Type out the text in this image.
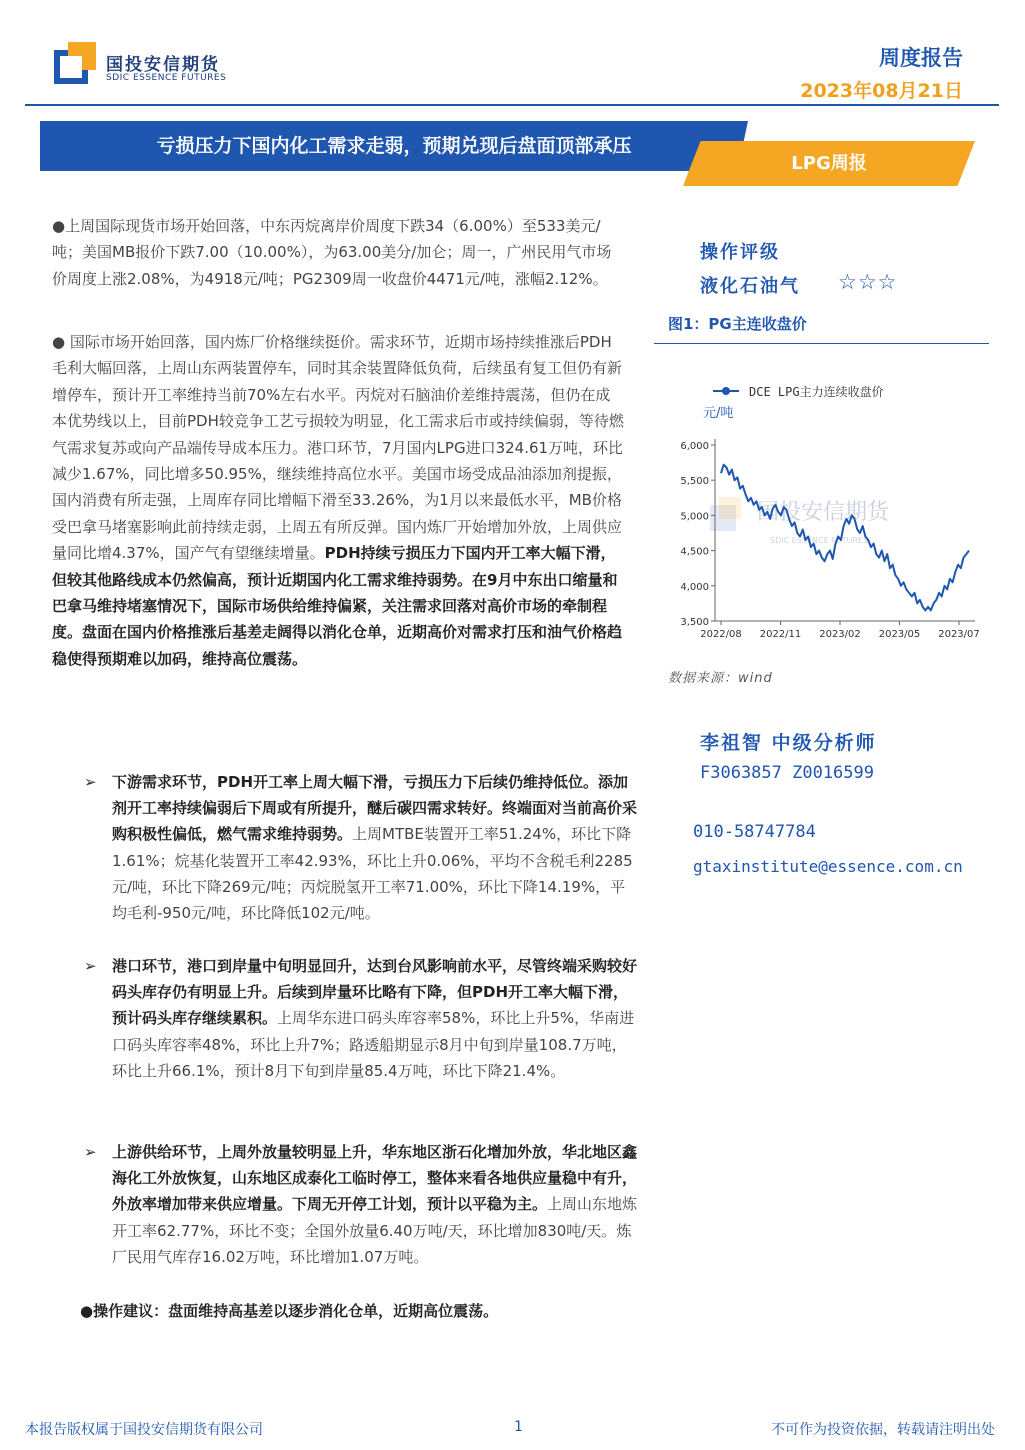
国投安信期货
SDIC ESSENCE FUTURES
周度报告
2023年08月21日
亏损压力下国内化工需求走弱，预期兑现后盘面顶部承压
LPG周报

●上周国际现货市场开始回落，中东丙烷离岸价周度下跌34（6.00%）至533美元/吨；美国MB报价下跌7.00（10.00%），为63.00美分/加仑；周一，广州民用气市场价周度上涨2.08%，为4918元/吨；PG2309周一收盘价4471元/吨，涨幅2.12%。

● 国际市场开始回落，国内炼厂价格继续挺价。需求环节，近期市场持续推涨后PDH毛利大幅回落，上周山东两装置停车，同时其余装置降低负荷，后续虽有复工但仍有新增停车，预计开工率维持当前70%左右水平。丙烷对石脑油价差维持震荡，但仍在成本优势线以上，目前PDH较竞争工艺亏损较为明显，化工需求后市或持续偏弱，等待燃气需求复苏或向产品端传导成本压力。港口环节，7月国内LPG进口324.61万吨，环比减少1.67%，同比增多50.95%，继续维持高位水平。美国市场受成品油添加剂提振，国内消费有所走强，上周库存同比增幅下滑至33.26%，为1月以来最低水平，MB价格受巴拿马堵塞影响此前持续走弱，上周五有所反弹。国内炼厂开始增加外放，上周供应量同比增4.37%，国产气有望继续增量。PDH持续亏损压力下国内开工率大幅下滑，但较其他路线成本仍然偏高，预计近期国内化工需求维持弱势。在9月中东出口缩量和巴拿马维持堵塞情况下，国际市场供给维持偏紧，关注需求回落对高价市场的牵制程度。盘面在国内价格推涨后基差走阔得以消化仓单，近期高价对需求打压和油气价格趋稳使得预期难以加码，维持高位震荡。

➢ 下游需求环节，PDH开工率上周大幅下滑，亏损压力下后续仍维持低位。添加剂开工率持续偏弱后下周或有所提升，醚后碳四需求转好。终端面对当前高价采购积极性偏低，燃气需求维持弱势。上周MTBE装置开工率51.24%，环比下降1.61%；烷基化装置开工率42.93%，环比上升0.06%，平均不含税毛利2285元/吨，环比下降269元/吨；丙烷脱氢开工率71.00%，环比下降14.19%，平均毛利-950元/吨，环比降低102元/吨。

➢ 港口环节，港口到岸量中旬明显回升，达到台风影响前水平，尽管终端采购较好码头库存仍有明显上升。后续到岸量环比略有下降，但PDH开工率大幅下滑，预计码头库存继续累积。上周华东进口码头库容率58%，环比上升5%，华南进口码头库容率48%，环比上升7%；路透船期显示8月中旬到岸量108.7万吨，环比上升66.1%，预计8月下旬到岸量85.4万吨，环比下降21.4%。

➢ 上游供给环节，上周外放量较明显上升，华东地区浙石化增加外放，华北地区鑫海化工外放恢复，山东地区成泰化工临时停工，整体来看各地供应量稳中有升，外放率增加带来供应增量。下周无开停工计划，预计以平稳为主。上周山东地炼开工率62.77%，环比不变；全国外放量6.40万吨/天，环比增加830吨/天。炼厂民用气库存16.02万吨，环比增加1.07万吨。

●操作建议：盘面维持高基差以逐步消化仓单，近期高位震荡。

操作评级
液化石油气 ☆☆☆
图1：PG主连收盘价
国投安信期货
SDIC ESSENCE FUTURES
3,500
4,000
4,500
5,000
5,500
6,000
2022/08 2022/11 2023/02 2023/05 2023/07
DCE LPG主力连续收盘价
元/吨
数据来源：wind
李祖智 中级分析师
F3063857 Z0016599
010-58747784
gtaxinstitute@essence.com.cn
本报告版权属于国投安信期货有限公司	1	不可作为投资依据，转载请注明出处
